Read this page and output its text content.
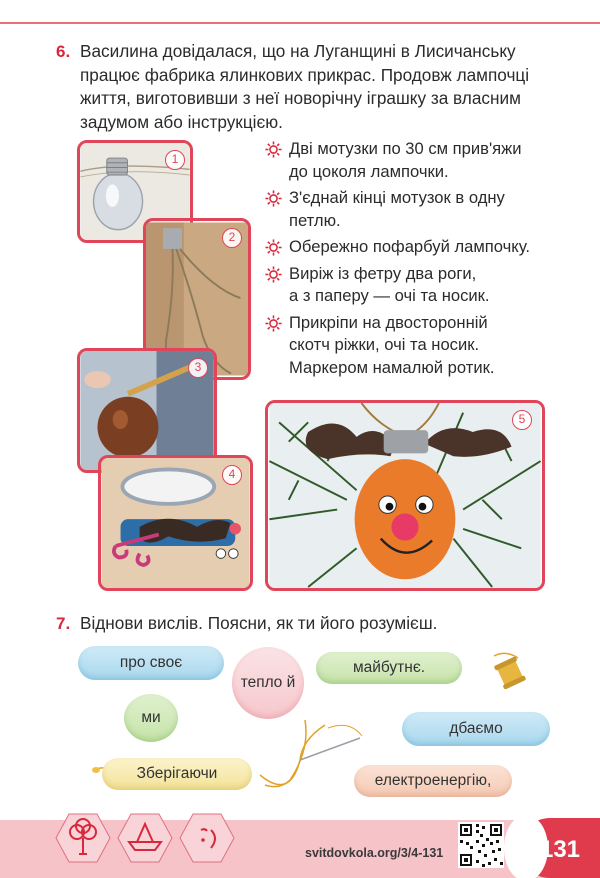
6. Василина довідалася, що на Луганщині в Лисичанську
працює фабрика ялинкових прикрас. Продовж лампочці
життя, виготовивши з неї новорічну іграшку за власним
задумом або інструкцією.
1
2
3
4
Дві мотузки по 30 см прив'яжи
до цоколя лампочки.
З'єднай кінці мотузок в одну
петлю.
Обережно пофарбуй лампочку.
Виріж із фетру два роги,
а з паперу — очі та носик.
Прикріпи на двосторонній
скотч ріжки, очі та носик.
Маркером намалюй ротик.
5
7. Віднови вислів. Поясни, як ти його розумієш.
про своє
теплo й
майбутнє.
ми
дбаємо
Зберігаючи	електроенергію,
svitdovkola.org/3/4-131	131
